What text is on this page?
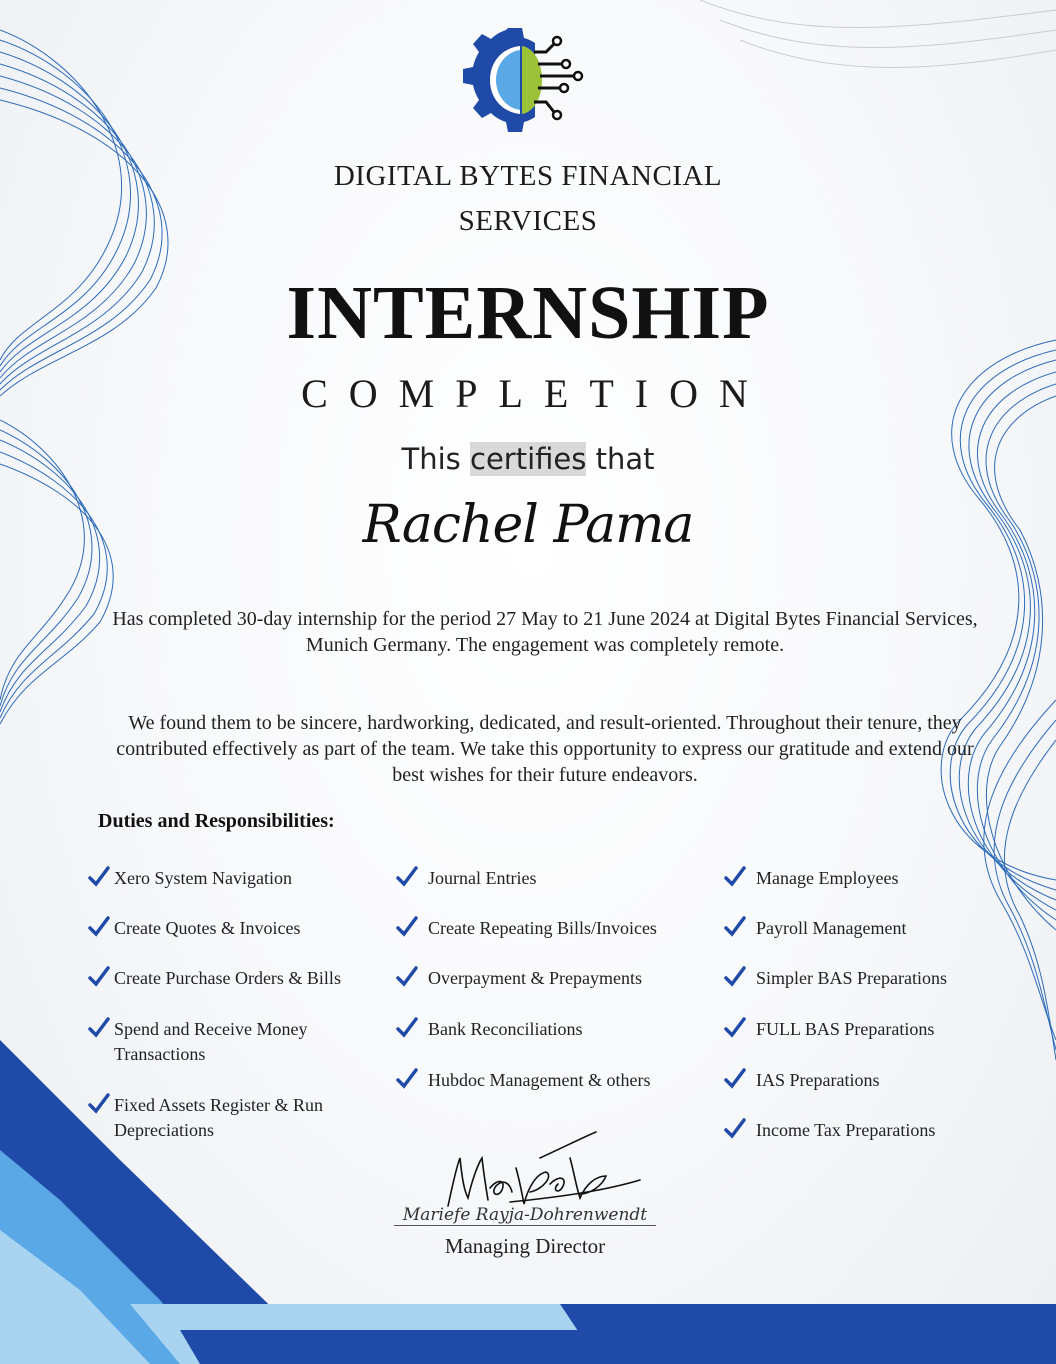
DIGITAL BYTES FINANCIAL
SERVICES
INTERNSHIP
COMPLETION
This certifies that
Rachel Pama
Has completed 30-day internship for the period 27 May to 21 June 2024 at Digital Bytes Financial Services, Munich Germany. The engagement was completely remote.
We found them to be sincere, hardworking, dedicated, and result-oriented. Throughout their tenure, they contributed effectively as part of the team. We take this opportunity to express our gratitude and extend our best wishes for their future endeavors.
Duties and Responsibilities:
Xero System Navigation
Create Quotes & Invoices
Create Purchase Orders & Bills
Spend and Receive Money Transactions
Fixed Assets Register & Run Depreciations
Journal Entries
Create Repeating Bills/Invoices
Overpayment & Prepayments
Bank Reconciliations
Hubdoc Management & others
Manage Employees
Payroll Management
Simpler BAS Preparations
FULL BAS Preparations
IAS Preparations
Income Tax Preparations
Mariefe Rayja-Dohrenwendt
Managing Director
